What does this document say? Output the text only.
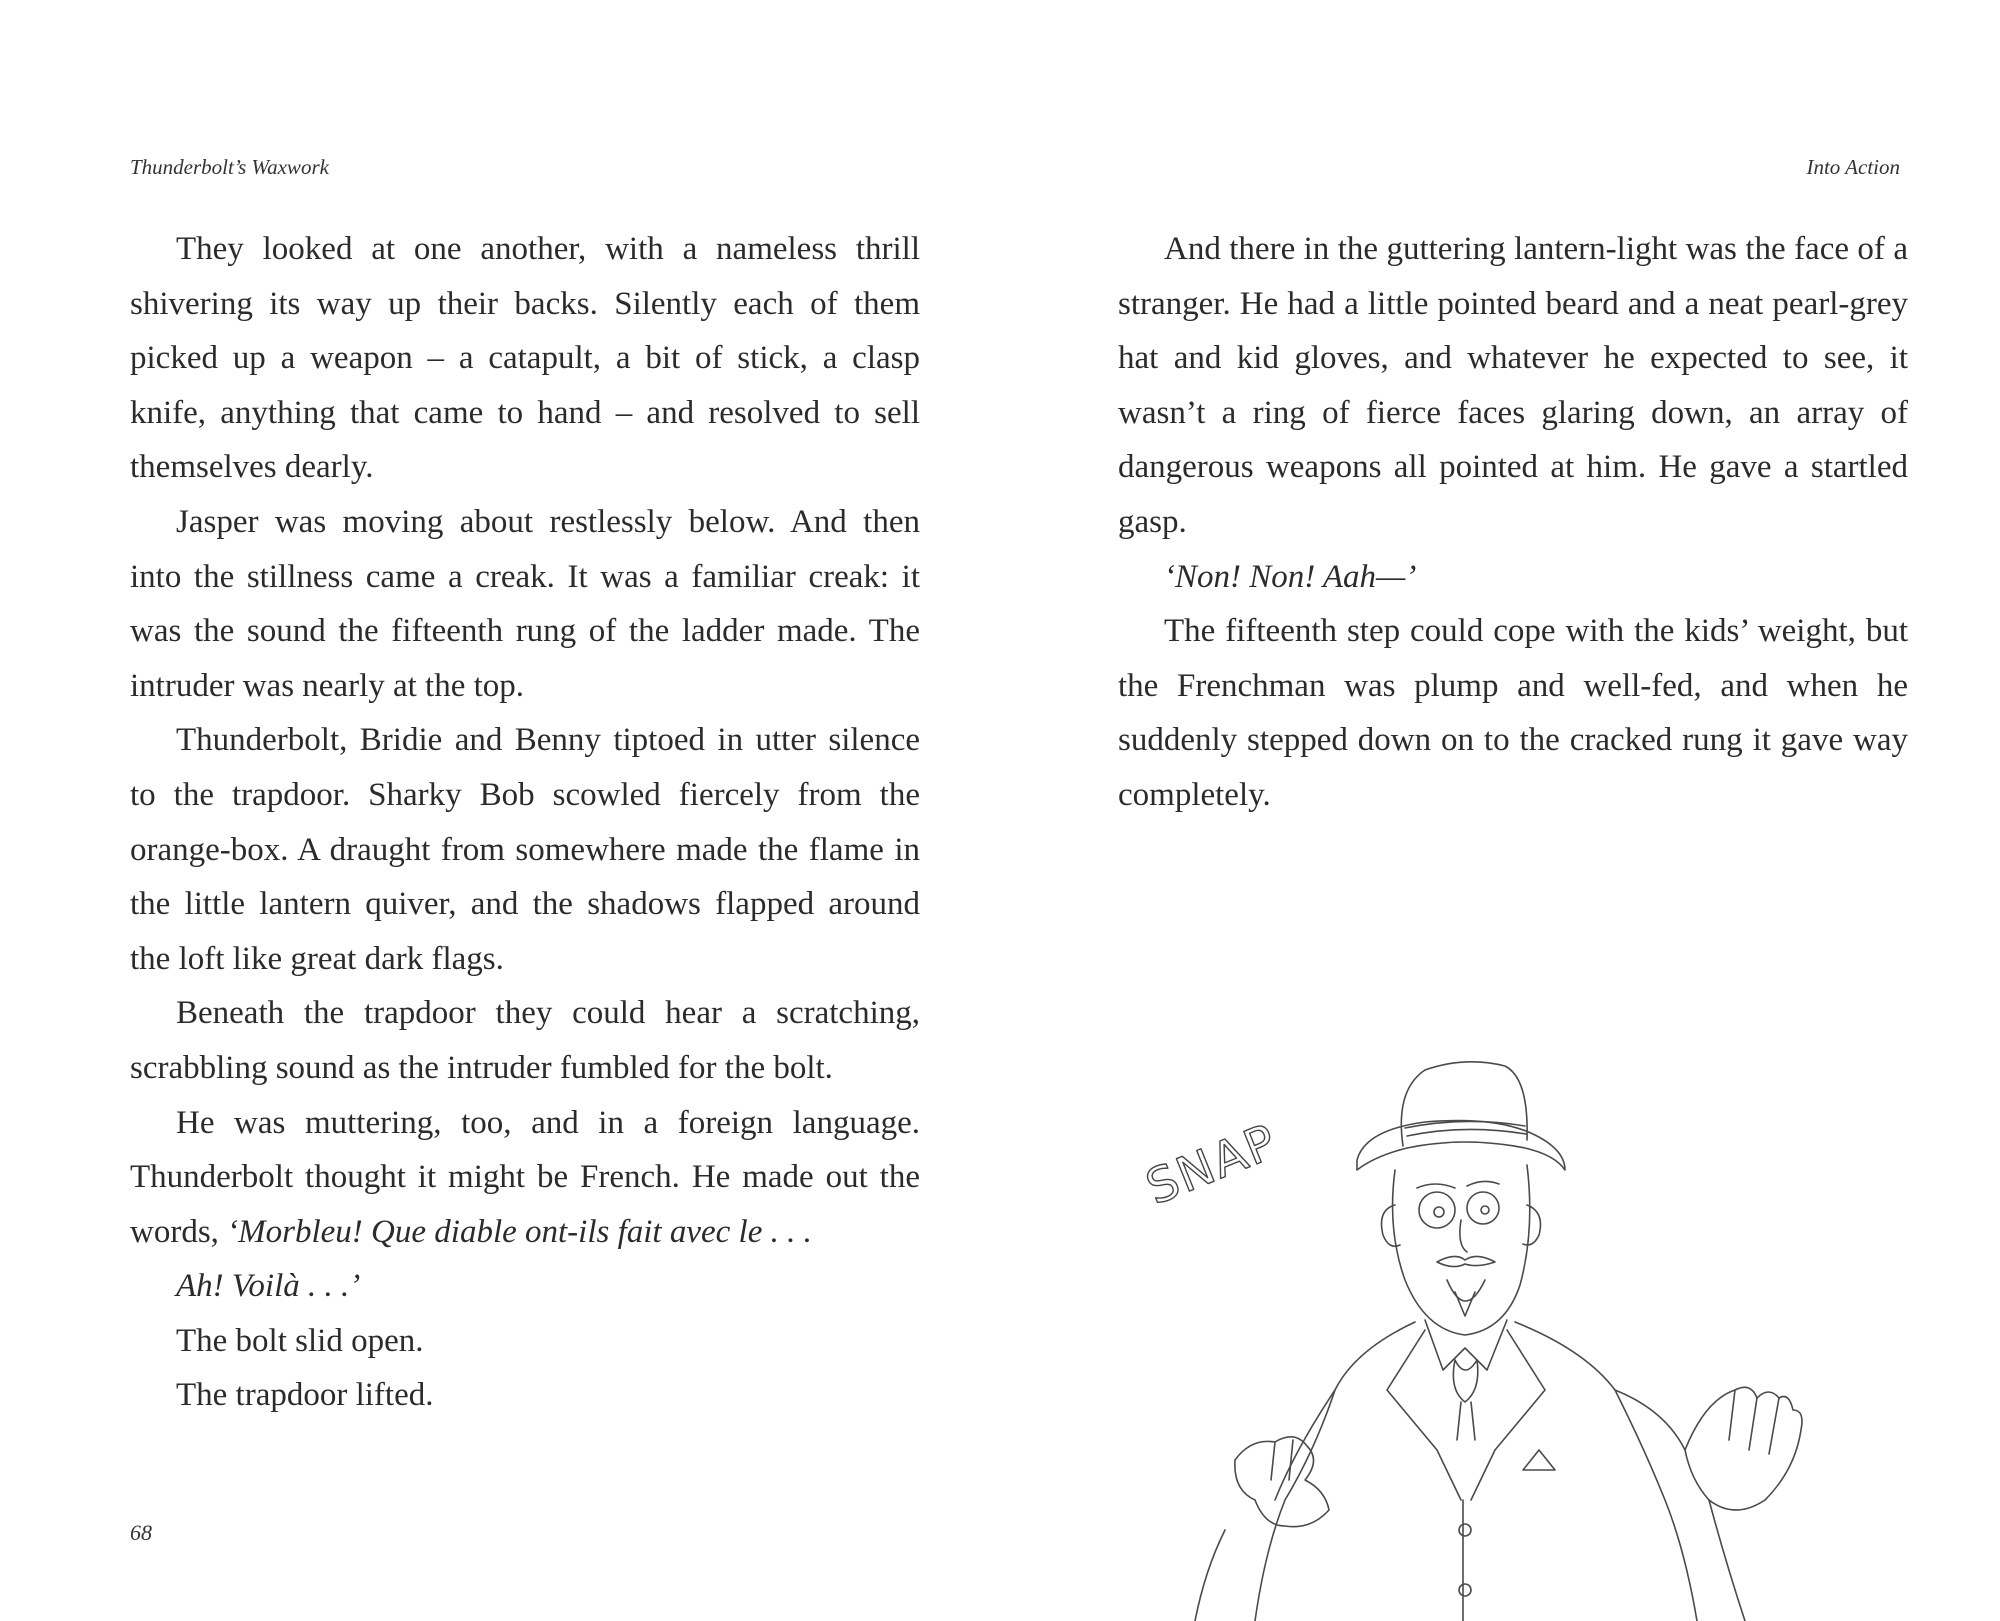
Thunderbolt’s Waxwork

They looked at one another, with a nameless thrill shivering its way up their backs. Silently each of them picked up a weapon – a catapult, a bit of stick, a clasp knife, anything that came to hand – and resolved to sell themselves dearly.

Jasper was moving about restlessly below. And then into the stillness came a creak. It was a familiar creak: it was the sound the fifteenth rung of the ladder made. The intruder was nearly at the top.

Thunderbolt, Bridie and Benny tiptoed in utter silence to the trapdoor. Sharky Bob scowled fiercely from the orange-box. A draught from somewhere made the flame in the little lantern quiver, and the shadows flapped around the loft like great dark flags.

Beneath the trapdoor they could hear a scratching, scrabbling sound as the intruder fumbled for the bolt.

He was muttering, too, and in a foreign language. Thunderbolt thought it might be French. He made out the words, ‘Morbleu! Que diable ont-ils fait avec le . . .
Ah! Voilà . . .’

The bolt slid open.

The trapdoor lifted.

68
Into Action

And there in the guttering lantern-light was the face of a stranger. He had a little pointed beard and a neat pearl-grey hat and kid gloves, and whatever he expected to see, it wasn’t a ring of fierce faces glaring down, an array of dangerous weapons all pointed at him. He gave a startled gasp.

‘Non! Non! Aah—’

The fifteenth step could cope with the kids’ weight, but the Frenchman was plump and well-fed, and when he suddenly stepped down on to the cracked rung it gave way completely.

SNAP
